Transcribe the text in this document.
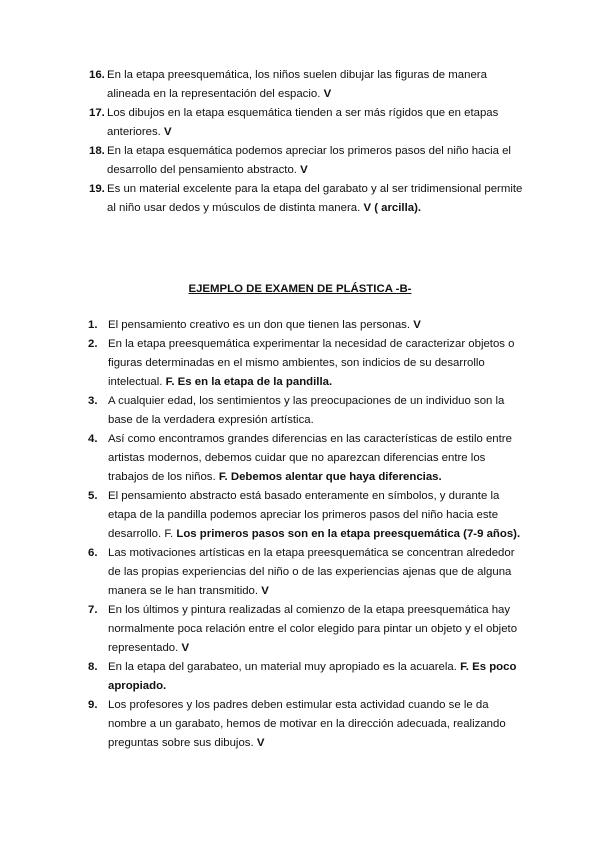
16. En la etapa preesquemática, los niños suelen dibujar las figuras de manera alineada en la representación del espacio. V
17. Los dibujos en la etapa esquemática tienden a ser más rígidos que en etapas anteriores. V
18. En la etapa esquemática podemos apreciar los primeros pasos del niño hacia el desarrollo del pensamiento abstracto. V
19. Es un material excelente para la etapa del garabato y al ser tridimensional permite al niño usar dedos y músculos de distinta manera. V ( arcilla).
EJEMPLO DE EXAMEN DE PLÁSTICA -B-
1. El pensamiento creativo es un don que tienen las personas. V
2. En la etapa preesquemática experimentar la necesidad de caracterizar objetos o figuras determinadas en el mismo ambientes, son indicios de su desarrollo intelectual. F. Es en la etapa de la pandilla.
3. A cualquier edad, los sentimientos y las preocupaciones de un individuo son la base de la verdadera expresión artística.
4. Así como encontramos grandes diferencias en las características de estilo entre artistas modernos, debemos cuidar que no aparezcan diferencias entre los trabajos de los niños. F. Debemos alentar que haya diferencias.
5. El pensamiento abstracto está basado enteramente en símbolos, y durante la etapa de la pandilla podemos apreciar los primeros pasos del niño hacia este desarrollo. F. Los primeros pasos son en la etapa preesquemática (7-9 años).
6. Las motivaciones artísticas en la etapa preesquemática se concentran alrededor de las propias experiencias del niño o de las experiencias ajenas que de alguna manera se le han transmitido. V
7. En los últimos y pintura realizadas al comienzo de la etapa preesquemática hay normalmente poca relación entre el color elegido para pintar un objeto y el objeto representado. V
8. En la etapa del garabateo, un material muy apropiado es la acuarela. F. Es poco apropiado.
9. Los profesores y los padres deben estimular esta actividad cuando se le da nombre a un garabato, hemos de motivar en la dirección adecuada, realizando preguntas sobre sus dibujos. V
